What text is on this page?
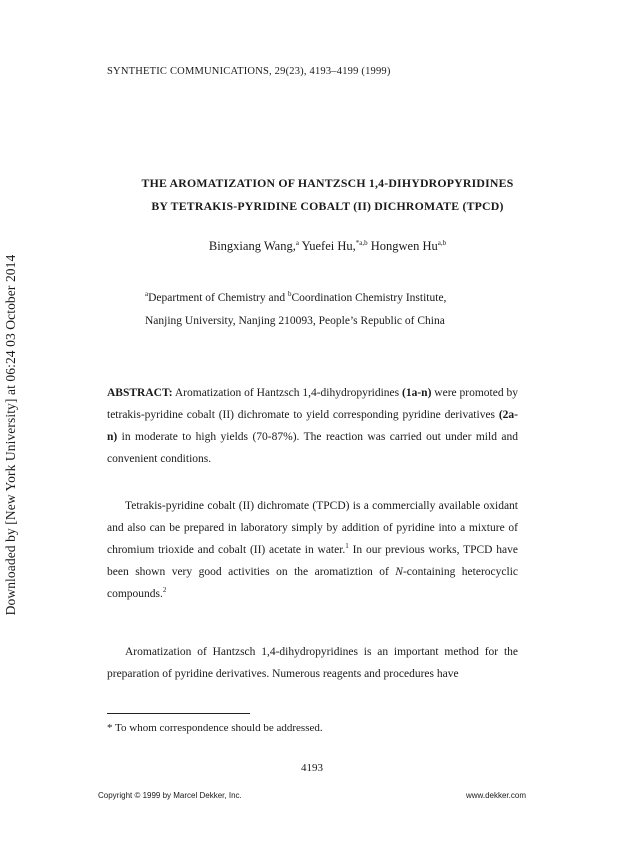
Downloaded by [New York University] at 06:24 03 October 2014
SYNTHETIC COMMUNICATIONS, 29(23), 4193–4199 (1999)
THE AROMATIZATION OF HANTZSCH 1,4-DIHYDROPYRIDINES
BY TETRAKIS-PYRIDINE COBALT (II) DICHROMATE (TPCD)
Bingxiang Wang,$^a$ Yuefei Hu,$^{*a,b}$ Hongwen Hu$^{a,b}$
$^a$Department of Chemistry and $^b$Coordination Chemistry Institute,
Nanjing University, Nanjing 210093, People’s Republic of China

ABSTRACT: Aromatization of Hantzsch 1,4-dihydropyridines (1a-n) were promoted by tetrakis-pyridine cobalt (II) dichromate to yield corresponding pyridine derivatives (2a-n) in moderate to high yields (70-87%). The reaction was carried out under mild and convenient conditions.

Tetrakis-pyridine cobalt (II) dichromate (TPCD) is a commercially available oxidant and also can be prepared in laboratory simply by addition of pyridine into a mixture of chromium trioxide and cobalt (II) acetate in water.$^1$ In our previous works, TPCD have been shown very good activities on the aromatiztion of N-containing heterocyclic compounds.$^2$

Aromatization of Hantzsch 1,4-dihydropyridines is an important method for the preparation of pyridine derivatives. Numerous reagents and procedures have

* To whom correspondence should be addressed.
4193
Copyright © 1999 by Marcel Dekker, Inc.	www.dekker.com
